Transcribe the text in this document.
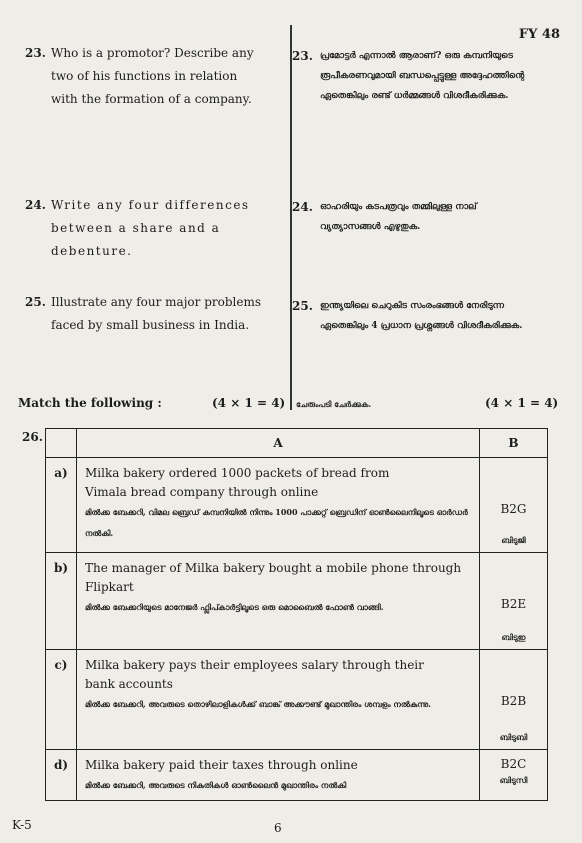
FY 48
23. Who is a promotor? Describe any two of his functions in relation with the formation of a company.
23. പ്രമോട്ടർ എന്നാൽ ആരാണ്? ഒരു കമ്പനിയുടെ രൂപീകരണവുമായി ബന്ധപ്പെട്ടുള്ള അദ്ദേഹത്തിന്റെ ഏതെങ്കിലും രണ്ട് ധർമ്മങ്ങൾ വിശദീകരിക്കുക.
24. Write any four differences between a share and a debenture.
24. ഓഹരിയും കടപത്രവും തമ്മിലുള്ള നാല് വ്യത്യാസങ്ങൾ എഴുതുക.
25. Illustrate any four major problems faced by small business in India.
25. ഇന്ത്യയിലെ ചെറുകിട സംരംഭങ്ങൾ നേരിടുന്ന ഏതെങ്കിലും 4 പ്രധാന പ്രശ്നങ്ങൾ വിശദീകരിക്കുക.
Match the following :	(4 × 1 = 4) ചേരുംപടി ചേർക്കുക.	(4 × 1 = 4)
26.
		A	B
a)	Milka bakery ordered 1000 packets of bread from Vimala bread company through online
മിൽക്ക ബേക്കറി, വിമല ബ്രെഡ് കമ്പനിയിൽ നിന്നും 1000 പാക്കറ്റ് ബ്രെഡിന് ഓൺലൈനിലൂടെ ഓർഡർ നൽകി.	B2G
ബിടുജി

b)	The manager of Milka bakery bought a mobile phone through Flipkart
മിൽക്ക ബേക്കറിയുടെ മാനേജർ ഫ്ലിപ്കാർട്ടിലൂടെ ഒരു മൊബൈൽ ഫോൺ വാങ്ങി.	B2E
ബിടുഇ

c)	Milka bakery pays their employees salary through their bank accounts
മിൽക്ക ബേക്കറി, അവരുടെ തൊഴിലാളികൾക്ക് ബാങ്ക് അക്കൗണ്ട് മുഖാന്തിരം ശമ്പളം നൽകുന്നു.	B2B
ബിടുബി

d)	Milka bakery paid their taxes through online
മിൽക്ക ബേക്കറി, അവരുടെ നികുതികൾ ഓൺലൈൻ മുഖാന്തിരം നൽകി	B2C
ബിടുസി
K-5	6
